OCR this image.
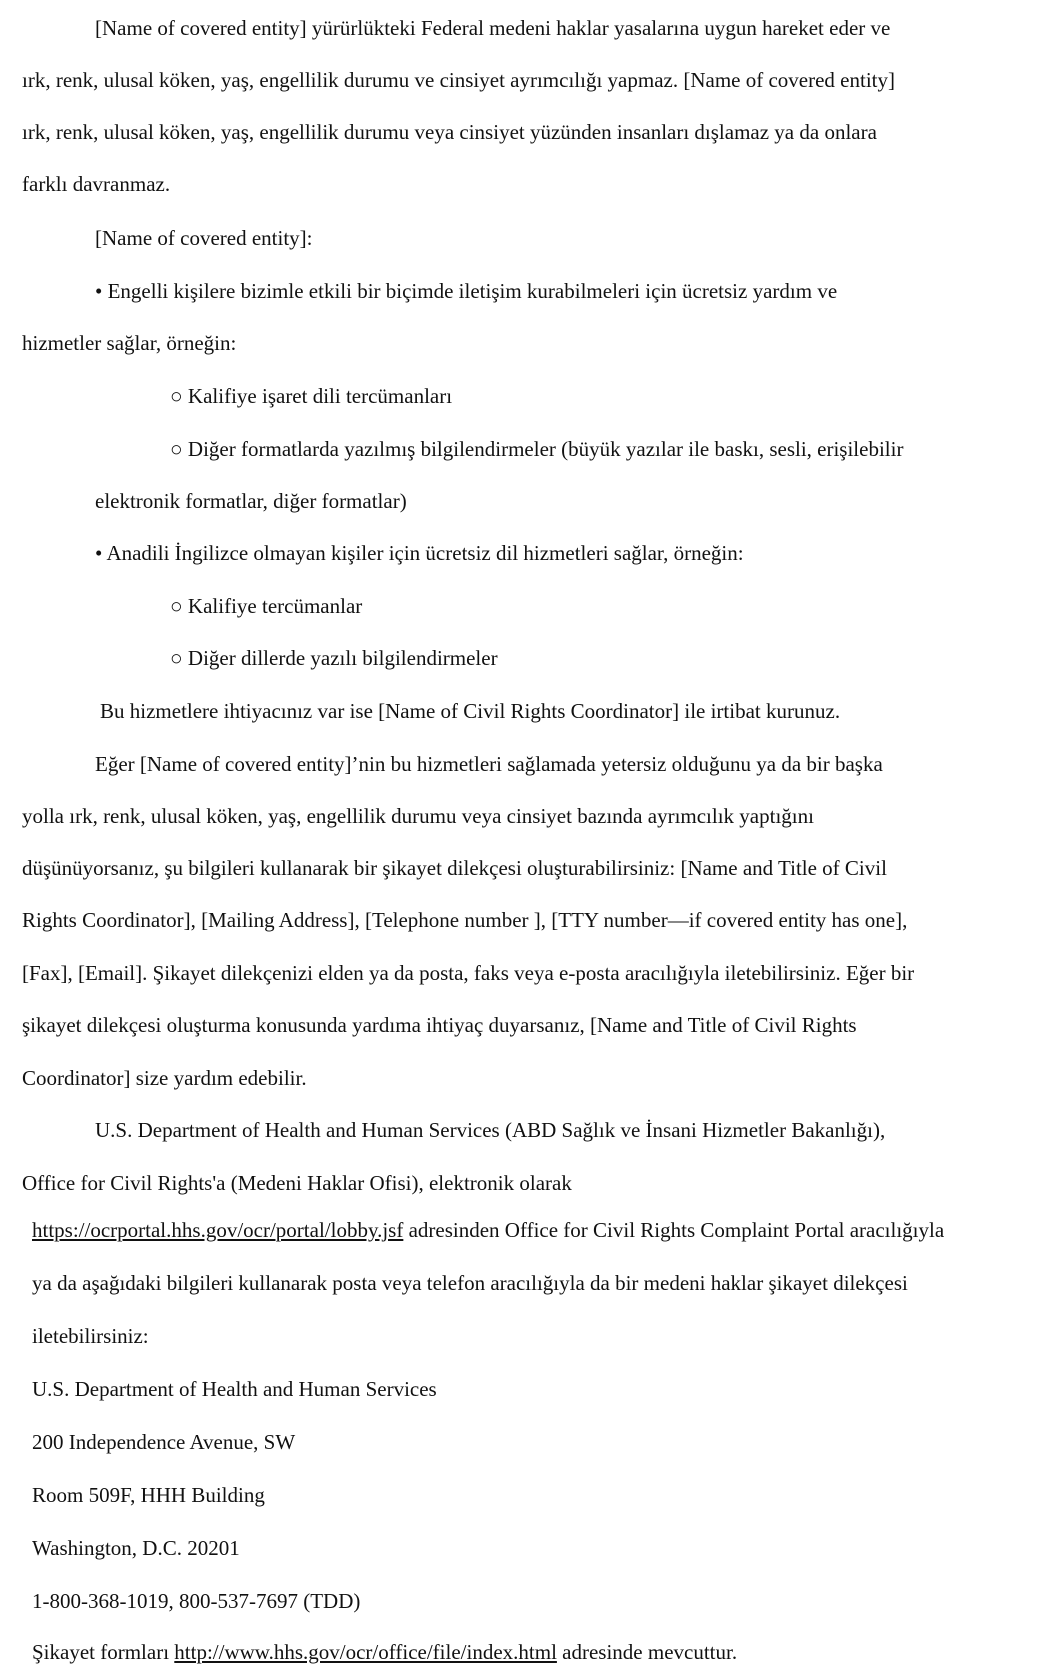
[Name of covered entity] yürürlükteki Federal medeni haklar yasalarına uygun hareket eder ve
ırk, renk, ulusal köken, yaş, engellilik durumu ve cinsiyet ayrımcılığı yapmaz. [Name of covered entity]
ırk, renk, ulusal köken, yaş, engellilik durumu veya cinsiyet yüzünden insanları dışlamaz ya da onlara
farklı davranmaz.
[Name of covered entity]:
• Engelli kişilere bizimle etkili bir biçimde iletişim kurabilmeleri için ücretsiz yardım ve
hizmetler sağlar, örneğin:
○ Kalifiye işaret dili tercümanları
○ Diğer formatlarda yazılmış bilgilendirmeler (büyük yazılar ile baskı, sesli, erişilebilir
elektronik formatlar, diğer formatlar)
• Anadili İngilizce olmayan kişiler için ücretsiz dil hizmetleri sağlar, örneğin:
○ Kalifiye tercümanlar
○ Diğer dillerde yazılı bilgilendirmeler
Bu hizmetlere ihtiyacınız var ise [Name of Civil Rights Coordinator] ile irtibat kurunuz.
Eğer [Name of covered entity]’nin bu hizmetleri sağlamada yetersiz olduğunu ya da bir başka
yolla ırk, renk, ulusal köken, yaş, engellilik durumu veya cinsiyet bazında ayrımcılık yaptığını
düşünüyorsanız, şu bilgileri kullanarak bir şikayet dilekçesi oluşturabilirsiniz: [Name and Title of Civil
Rights Coordinator], [Mailing Address], [Telephone number ], [TTY number—if covered entity has one],
[Fax], [Email]. Şikayet dilekçenizi elden ya da posta, faks veya e-posta aracılığıyla iletebilirsiniz. Eğer bir
şikayet dilekçesi oluşturma konusunda yardıma ihtiyaç duyarsanız, [Name and Title of Civil Rights
Coordinator] size yardım edebilir.
U.S. Department of Health and Human Services (ABD Sağlık ve İnsani Hizmetler Bakanlığı),
Office for Civil Rights'a (Medeni Haklar Ofisi), elektronik olarak
https://ocrportal.hhs.gov/ocr/portal/lobby.jsf adresinden Office for Civil Rights Complaint Portal aracılığıyla
ya da aşağıdaki bilgileri kullanarak posta veya telefon aracılığıyla da bir medeni haklar şikayet dilekçesi
iletebilirsiniz:
U.S. Department of Health and Human Services
200 Independence Avenue, SW
Room 509F, HHH Building
Washington, D.C. 20201
1-800-368-1019, 800-537-7697 (TDD)
Şikayet formları http://www.hhs.gov/ocr/office/file/index.html adresinde mevcuttur.
